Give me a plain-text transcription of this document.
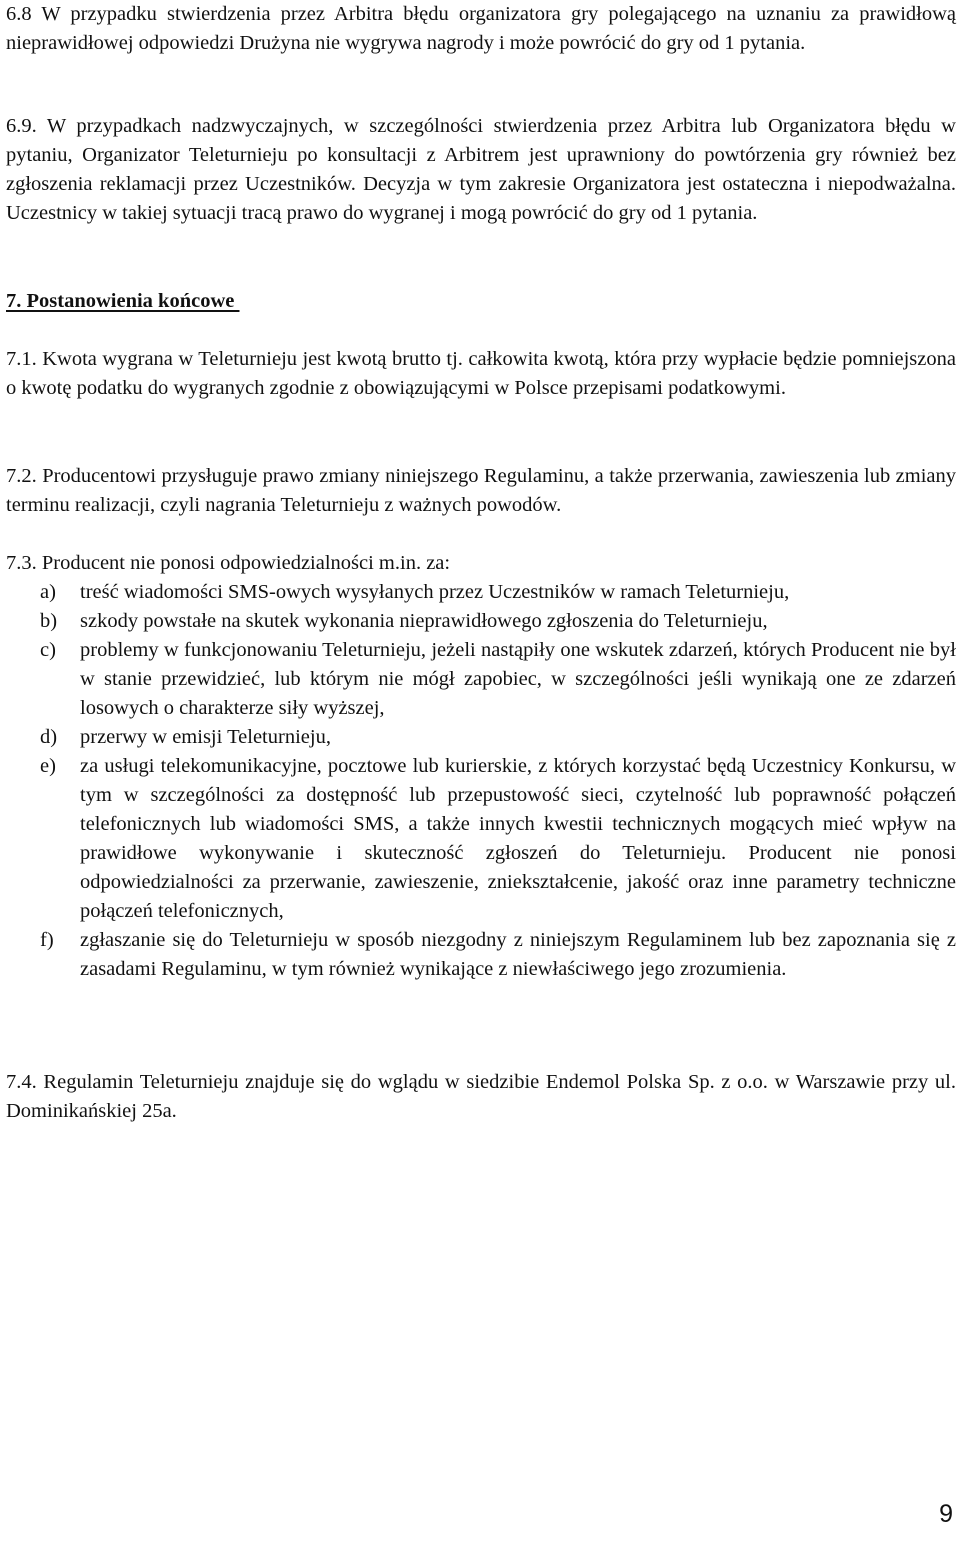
6.8 W przypadku stwierdzenia przez Arbitra błędu organizatora gry polegającego na uznaniu za prawidłową nieprawidłowej odpowiedzi Drużyna nie wygrywa nagrody i może powrócić do gry od 1 pytania.

6.9. W przypadkach nadzwyczajnych, w szczególności stwierdzenia przez Arbitra lub Organizatora błędu w pytaniu, Organizator Teleturnieju po konsultacji z Arbitrem jest uprawniony do powtórzenia gry również bez zgłoszenia reklamacji przez Uczestników. Decyzja w tym zakresie Organizatora jest ostateczna i niepodważalna. Uczestnicy w takiej sytuacji tracą prawo do wygranej i mogą powrócić do gry od 1 pytania.

7. Postanowienia końcowe

7.1. Kwota wygrana w Teleturnieju jest kwotą brutto tj. całkowita kwotą, która przy wypłacie będzie pomniejszona o kwotę podatku do wygranych zgodnie z obowiązującymi w Polsce przepisami podatkowymi.

7.2. Producentowi przysługuje prawo zmiany niniejszego Regulaminu, a także przerwania, zawieszenia lub zmiany terminu realizacji, czyli nagrania Teleturnieju z ważnych powodów.

7.3. Producent nie ponosi odpowiedzialności m.in. za:

a) treść wiadomości SMS-owych wysyłanych przez Uczestników w ramach Teleturnieju,
b) szkody powstałe na skutek wykonania nieprawidłowego zgłoszenia do Teleturnieju,
c) problemy w funkcjonowaniu Teleturnieju, jeżeli nastąpiły one wskutek zdarzeń, których Producent nie był w stanie przewidzieć, lub którym nie mógł zapobiec, w szczególności jeśli wynikają one ze zdarzeń losowych o charakterze siły wyższej,
d) przerwy w emisji Teleturnieju,
e) za usługi telekomunikacyjne, pocztowe lub kurierskie, z których korzystać będą Uczestnicy Konkursu, w tym w szczególności za dostępność lub przepustowość sieci, czytelność lub poprawność połączeń telefonicznych lub wiadomości SMS, a także innych kwestii technicznych mogących mieć wpływ na prawidłowe wykonywanie i skuteczność zgłoszeń do Teleturnieju. Producent nie ponosi odpowiedzialności za przerwanie, zawieszenie, zniekształcenie, jakość oraz inne parametry techniczne połączeń telefonicznych,
f) zgłaszanie się do Teleturnieju w sposób niezgodny z niniejszym Regulaminem lub bez zapoznania się z zasadami Regulaminu, w tym również wynikające z niewłaściwego jego zrozumienia.

7.4. Regulamin Teleturnieju znajduje się do wglądu w siedzibie Endemol Polska Sp. z o.o. w Warszawie przy ul. Dominikańskiej 25a.

9
